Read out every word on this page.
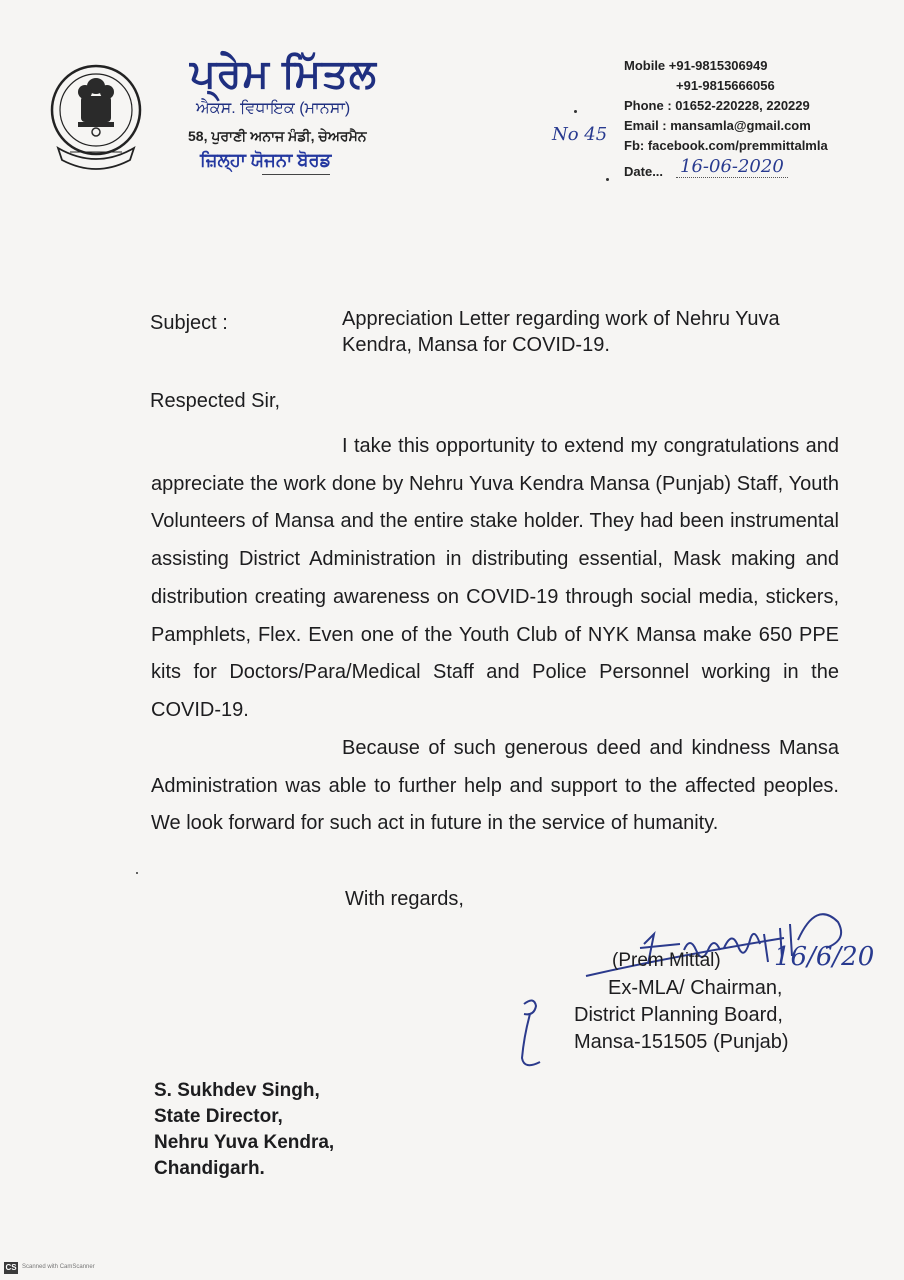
ਪ੍ਰੇਮ ਮਿੱਤਲ
ਐਕਸ. ਵਿਧਾਇਕ (ਮਾਨਸਾ)
58, ਪੁਰਾਣੀ ਅਨਾਜ ਮੰਡੀ, ਚੇਅਰਮੈਨ
ਜ਼ਿਲ੍ਹਾ ਯੋਜਨਾ ਬੋਰਡ
Mobile +91-9815306949
+91-9815666056
Phone : 01652-220228, 220229
Email : mansamla@gmail.com
Fb: facebook.com/premmittalmla
No 45
Date... 16-06-2020
Subject :	Appreciation Letter regarding work of Nehru Yuva Kendra, Mansa for COVID-19.
Respected Sir,
I take this opportunity to extend my congratulations and appreciate the work done by Nehru Yuva Kendra Mansa (Punjab) Staff, Youth Volunteers of Mansa and the entire stake holder. They had been instrumental assisting District Administration in distributing essential, Mask making and distribution creating awareness on COVID-19 through social media, stickers, Pamphlets, Flex. Even one of the Youth Club of NYK Mansa make 650 PPE kits for Doctors/Para/Medical Staff and Police Personnel working in the COVID-19.
Because of such generous deed and kindness Mansa Administration was able to further help and support to the affected peoples. We look forward for such act in future in the service of humanity.
With regards,
(Prem Mittal) 16/6/20
Ex-MLA/ Chairman,
District Planning Board,
Mansa-151505 (Punjab)
S. Sukhdev Singh,
State Director,
Nehru Yuva Kendra,
Chandigarh.
CS Scanned with CamScanner
